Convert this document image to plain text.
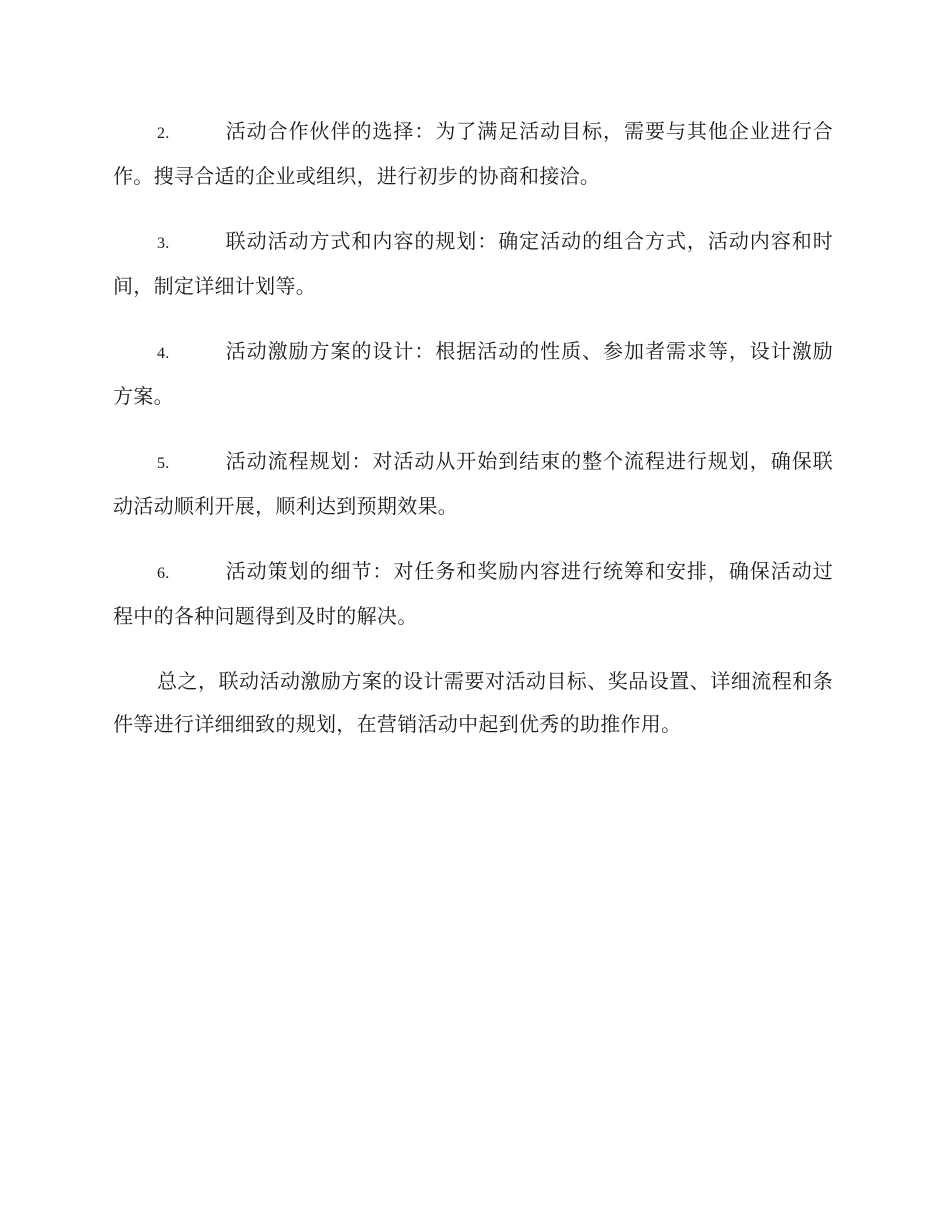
2.	活动合作伙伴的选择：为了满足活动目标，需要与其他企业进行合作。搜寻合适的企业或组织，进行初步的协商和接洽。

3.	联动活动方式和内容的规划：确定活动的组合方式，活动内容和时间，制定详细计划等。

4.	活动激励方案的设计：根据活动的性质、参加者需求等，设计激励方案。

5.	活动流程规划：对活动从开始到结束的整个流程进行规划，确保联动活动顺利开展，顺利达到预期效果。

6.	活动策划的细节：对任务和奖励内容进行统筹和安排，确保活动过程中的各种问题得到及时的解决。

总之，联动活动激励方案的设计需要对活动目标、奖品设置、详细流程和条件等进行详细细致的规划，在营销活动中起到优秀的助推作用。
